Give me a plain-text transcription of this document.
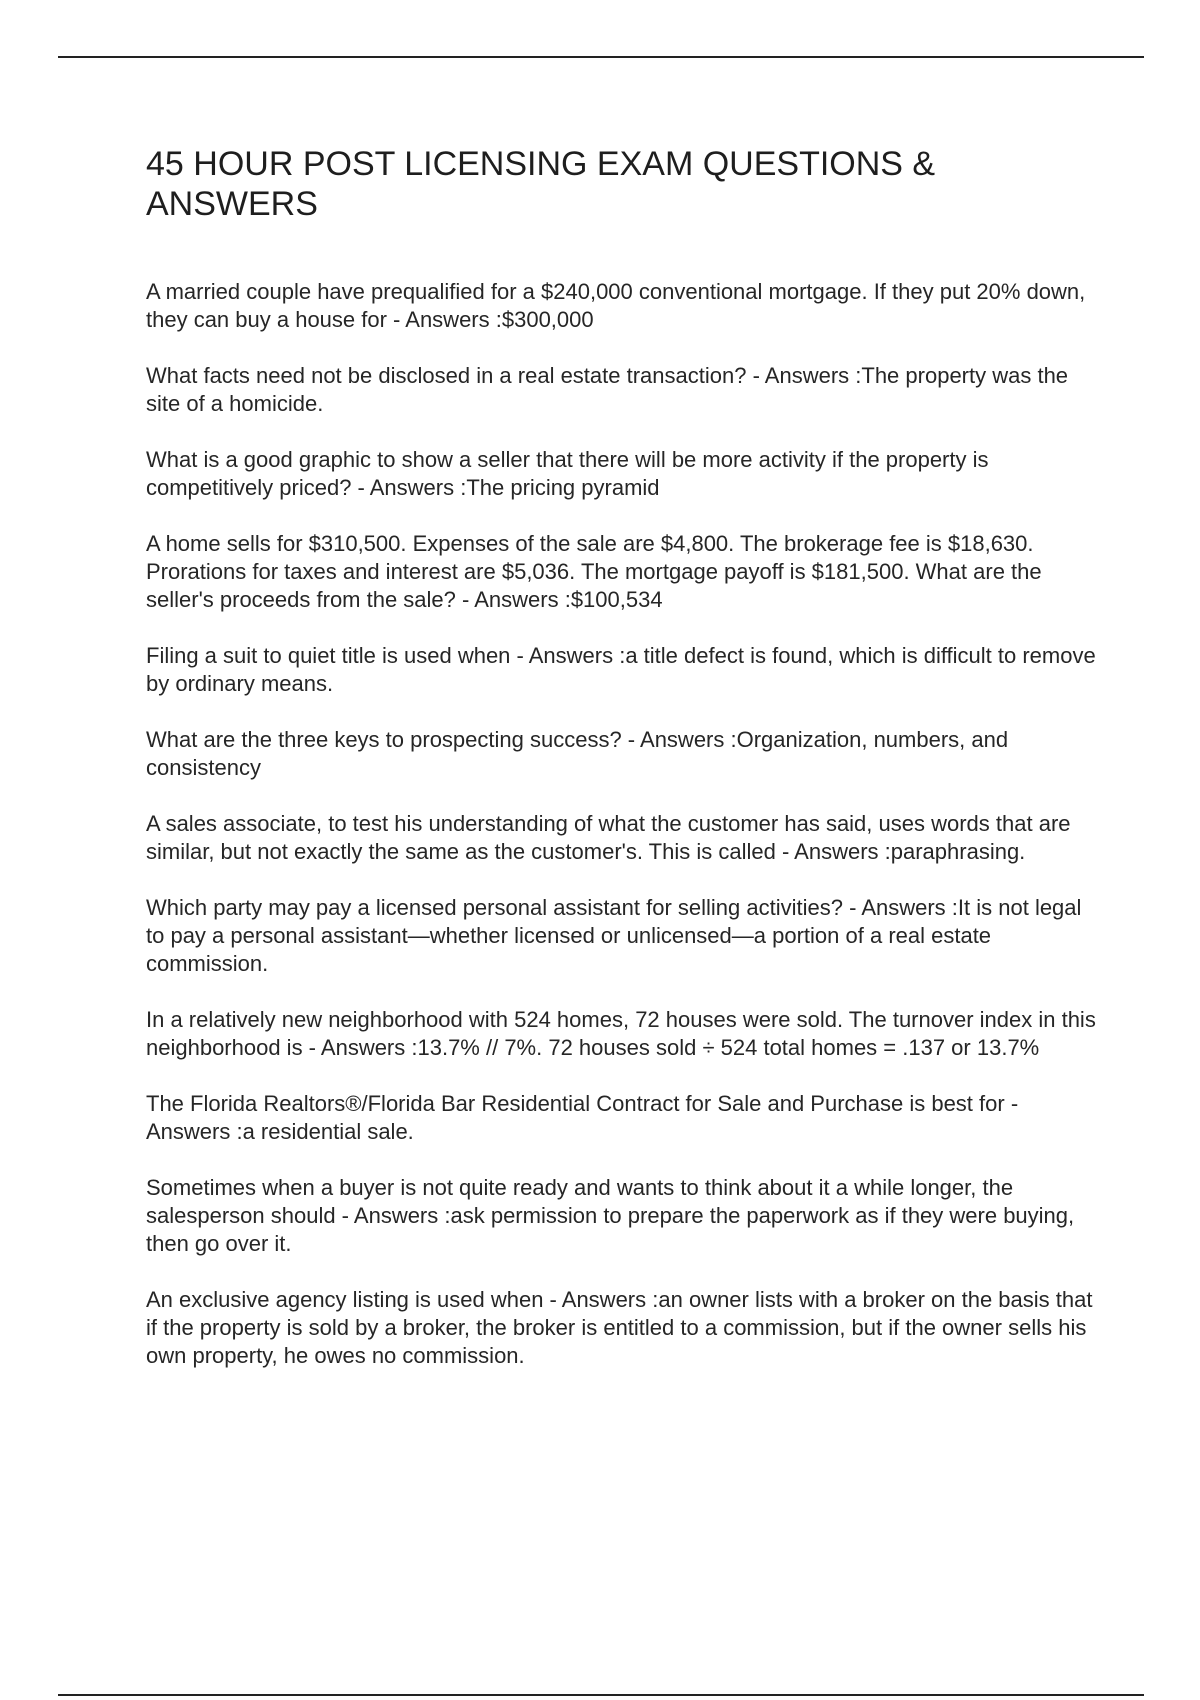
45 HOUR POST LICENSING EXAM QUESTIONS & ANSWERS

A married couple have prequalified for a $240,000 conventional mortgage. If they put 20% down, they can buy a house for - Answers :$300,000

What facts need not be disclosed in a real estate transaction? - Answers :The property was the site of a homicide.

What is a good graphic to show a seller that there will be more activity if the property is competitively priced? - Answers :The pricing pyramid

A home sells for $310,500. Expenses of the sale are $4,800. The brokerage fee is $18,630. Prorations for taxes and interest are $5,036. The mortgage payoff is $181,500. What are the seller's proceeds from the sale? - Answers :$100,534

Filing a suit to quiet title is used when - Answers :a title defect is found, which is difficult to remove by ordinary means.

What are the three keys to prospecting success? - Answers :Organization, numbers, and consistency

A sales associate, to test his understanding of what the customer has said, uses words that are similar, but not exactly the same as the customer's. This is called - Answers :paraphrasing.

Which party may pay a licensed personal assistant for selling activities? - Answers :It is not legal to pay a personal assistant—whether licensed or unlicensed—a portion of a real estate commission.

In a relatively new neighborhood with 524 homes, 72 houses were sold. The turnover index in this neighborhood is - Answers :13.7% // 7%. 72 houses sold ÷ 524 total homes = .137 or 13.7%

The Florida Realtors®/Florida Bar Residential Contract for Sale and Purchase is best for - Answers :a residential sale.

Sometimes when a buyer is not quite ready and wants to think about it a while longer, the salesperson should - Answers :ask permission to prepare the paperwork as if they were buying, then go over it.

An exclusive agency listing is used when - Answers :an owner lists with a broker on the basis that if the property is sold by a broker, the broker is entitled to a commission, but if the owner sells his own property, he owes no commission.
